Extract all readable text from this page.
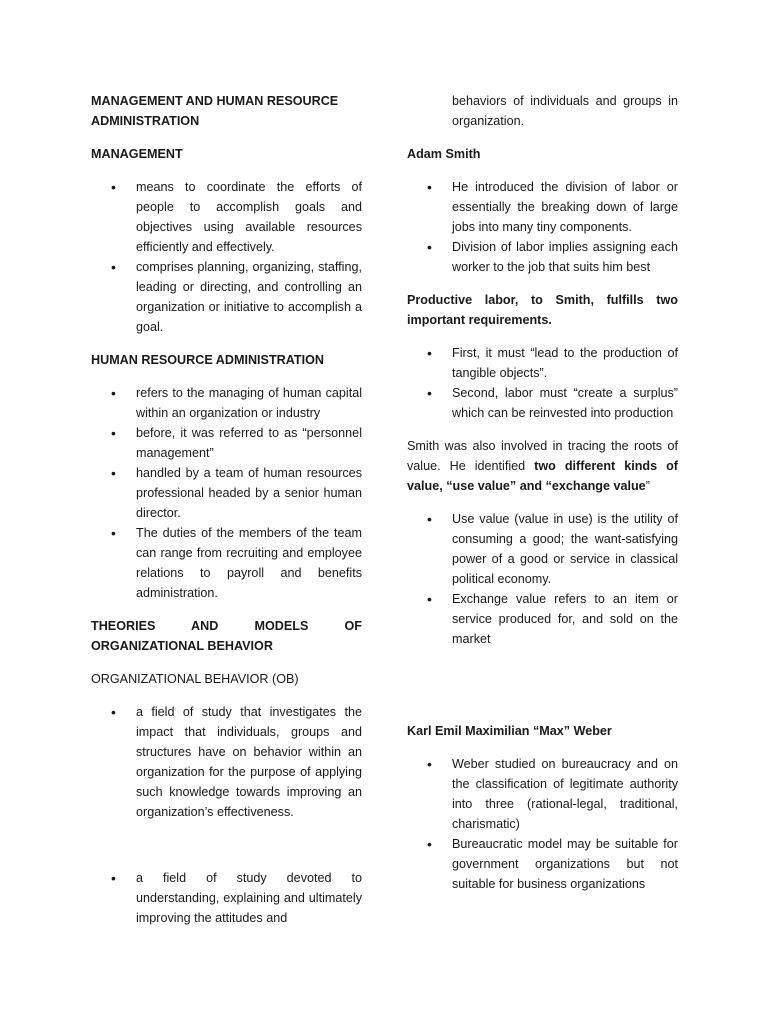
MANAGEMENT AND HUMAN RESOURCE

ADMINISTRATION

MANAGEMENT

• means to coordinate the efforts of people to accomplish goals and objectives using available resources efficiently and effectively.
• comprises planning, organizing, staffing, leading or directing, and controlling an organization or initiative to accomplish a goal.

HUMAN RESOURCE ADMINISTRATION

• refers to the managing of human capital within an organization or industry
• before, it was referred to as “personnel management”
• handled by a team of human resources professional headed by a senior human director.
• The duties of the members of the team can range from recruiting and employee relations to payroll and benefits administration.

THEORIES AND MODELS OF ORGANIZATIONAL BEHAVIOR

ORGANIZATIONAL BEHAVIOR (OB)

• a field of study that investigates the impact that individuals, groups and structures have on behavior within an organization for the purpose of applying such knowledge towards improving an organization’s effectiveness.
• a field of study devoted to understanding, explaining and ultimately improving the attitudes and

behaviors of individuals and groups in organization.

Adam Smith

• He introduced the division of labor or essentially the breaking down of large jobs into many tiny components.
• Division of labor implies assigning each worker to the job that suits him best

Productive labor, to Smith, fulfills two important requirements.

• First, it must “lead to the production of tangible objects”.
• Second, labor must “create a surplus” which can be reinvested into production

Smith was also involved in tracing the roots of value. He identified two different kinds of value, “use value” and “exchange value”

• Use value (value in use) is the utility of consuming a good; the want-satisfying power of a good or service in classical political economy.
• Exchange value refers to an item or service produced for, and sold on the market

Karl Emil Maximilian “Max” Weber

• Weber studied on bureaucracy and on the classification of legitimate authority into three (rational-legal, traditional, charismatic)
• Bureaucratic model may be suitable for government organizations but not suitable for business organizations
